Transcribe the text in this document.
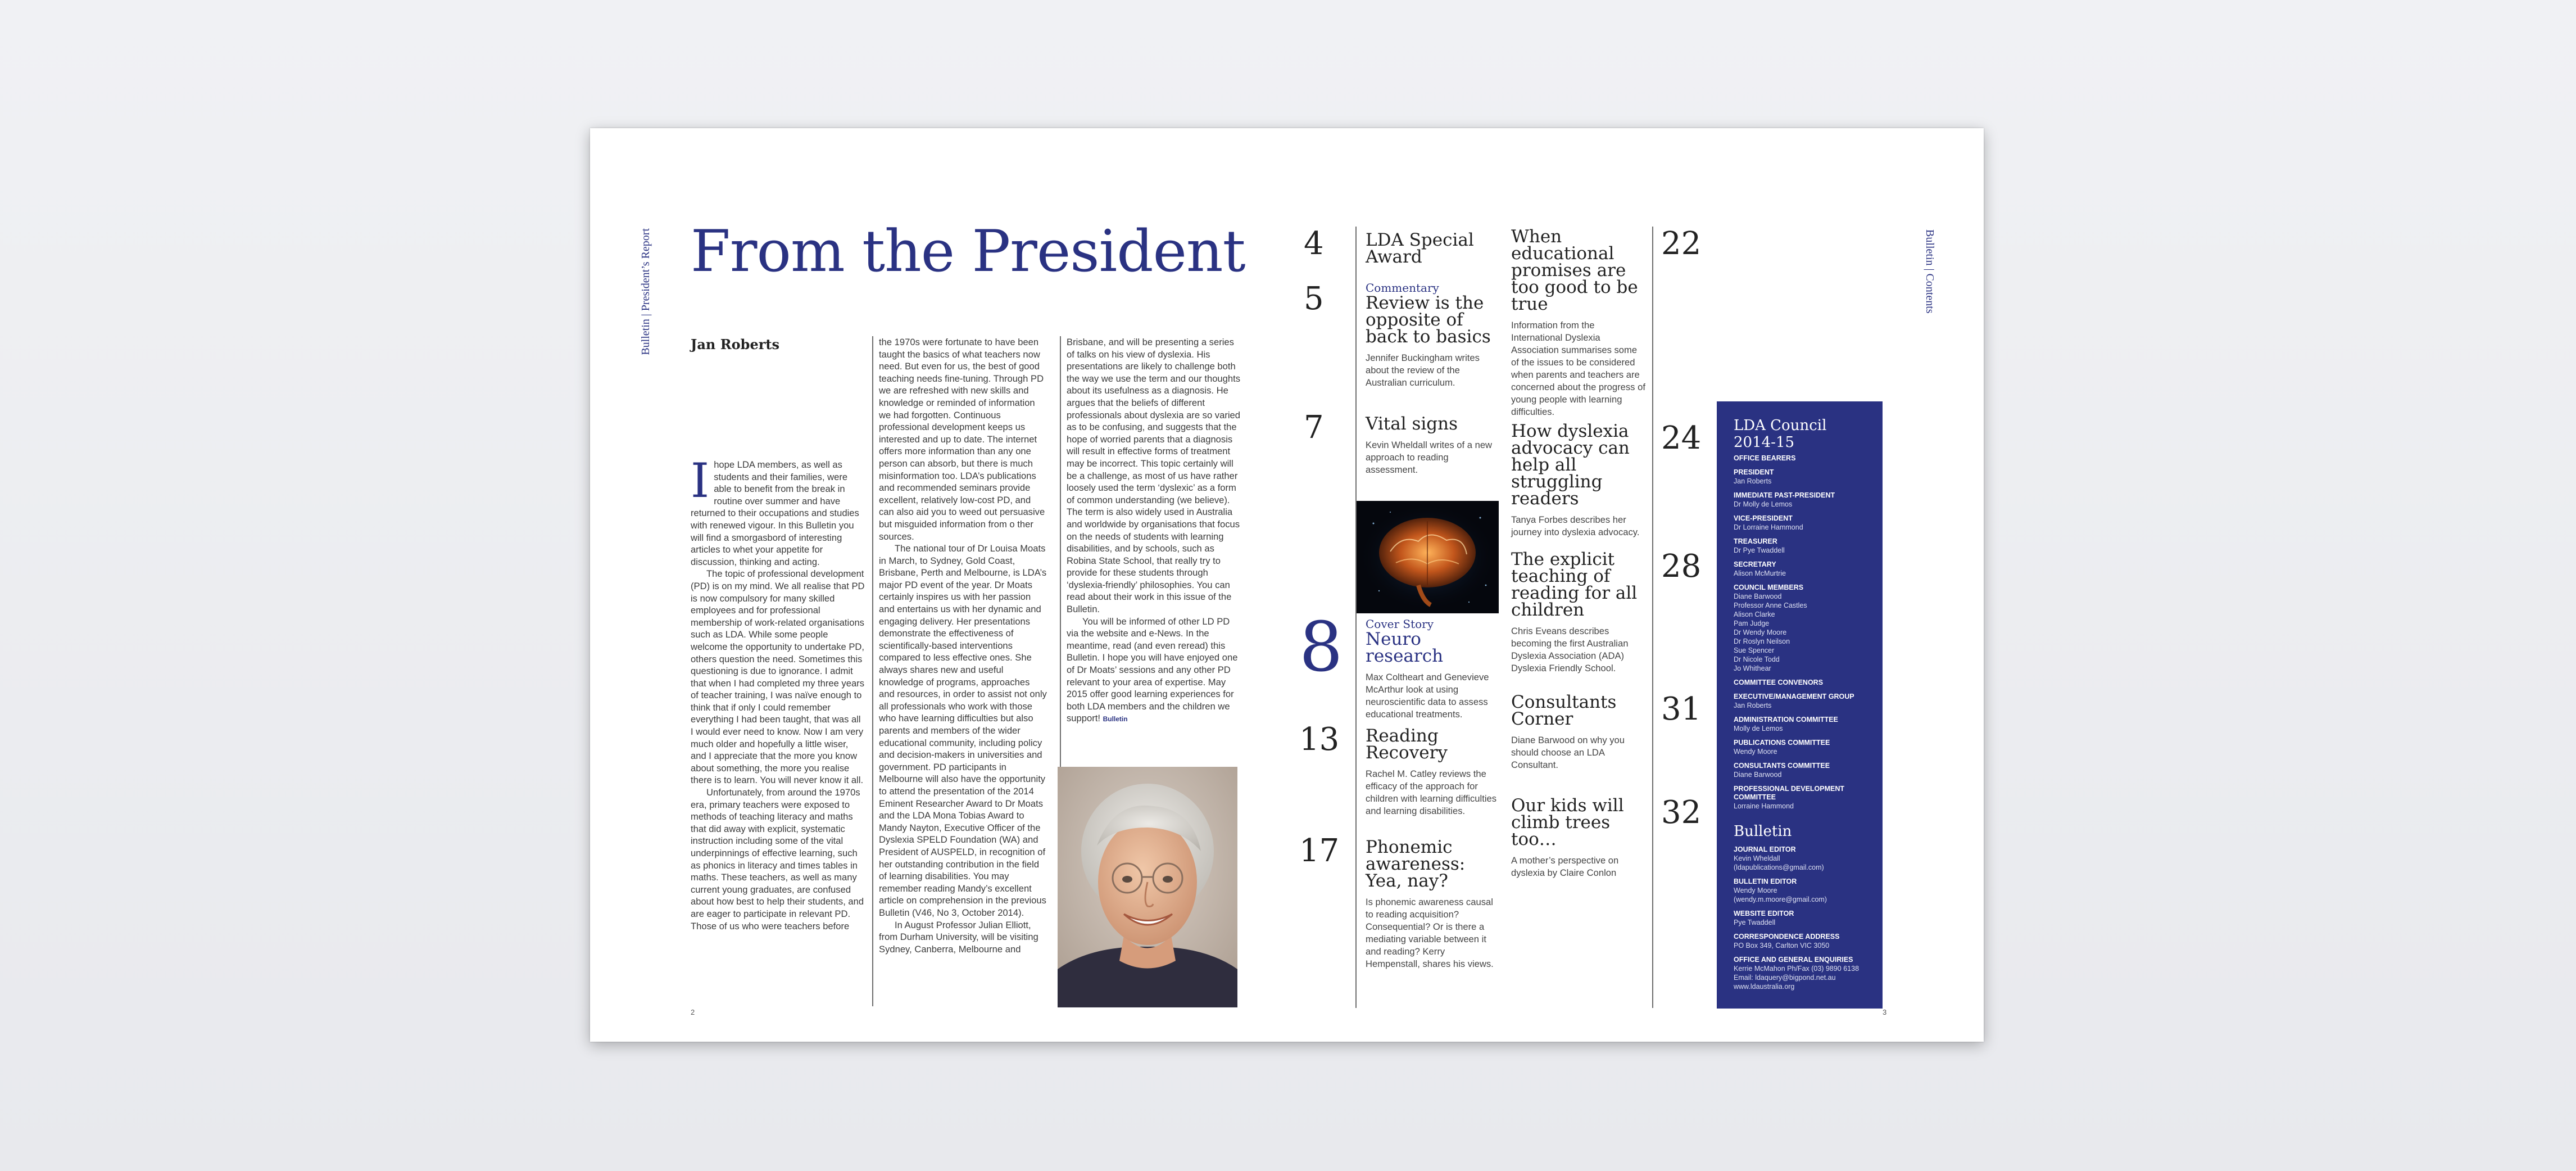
Bulletin | President’s Report From the President
Jan Roberts

Ihope LDA members, as well as students and their families, were able to benefit from the break in routine over summer and have returned to their occupations and studies with renewed vigour. In this Bulletin you will find a smorgasbord of interesting articles to whet your appetite for discussion, thinking and acting.

The topic of professional development (PD) is on my mind. We all realise that PD is now compulsory for many skilled employees and for professional membership of work-related organisations such as LDA. While some people welcome the opportunity to undertake PD, others question the need. Sometimes this questioning is due to ignorance. I admit that when I had completed my three years of teacher training, I was naïve enough to think that if only I could remember everything I had been taught, that was all I would ever need to know. Now I am very much older and hopefully a little wiser, and I appreciate that the more you know about something, the more you realise there is to learn. You will never know it all.

Unfortunately, from around the 1970s era, primary teachers were exposed to methods of teaching literacy and maths that did away with explicit, systematic instruction including some of the vital underpinnings of effective learning, such as phonics in literacy and times tables in maths. These teachers, as well as many current young graduates, are confused about how best to help their students, and are eager to participate in relevant PD. Those of us who were teachers before

the 1970s were fortunate to have been taught the basics of what teachers now need. But even for us, the best of good teaching needs fine-tuning. Through PD we are refreshed with new skills and knowledge or reminded of information we had forgotten. Continuous professional development keeps us interested and up to date. The internet offers more information than any one person can absorb, but there is much misinformation too. LDA’s publications and recommended seminars provide excellent, relatively low-cost PD, and can also aid you to weed out persuasive but misguided information from o ther sources.

The national tour of Dr Louisa Moats in March, to Sydney, Gold Coast, Brisbane, Perth and Melbourne, is LDA’s major PD event of the year. Dr Moats certainly inspires us with her passion and entertains us with her dynamic and engaging delivery. Her presentations demonstrate the effectiveness of scientifically-based interventions compared to less effective ones. She always shares new and useful knowledge of programs, approaches and resources, in order to assist not only all professionals who work with those who have learning difficulties but also parents and members of the wider educational community, including policy and decision-makers in universities and government. PD participants in Melbourne will also have the opportunity to attend the presentation of the 2014 Eminent Researcher Award to Dr Moats and the LDA Mona Tobias Award to Mandy Nayton, Executive Officer of the Dyslexia SPELD Foundation (WA) and President of AUSPELD, in recognition of her outstanding contribution in the field of learning disabilities. You may remember reading Mandy’s excellent article on comprehension in the previous Bulletin (V46, No 3, October 2014).

In August Professor Julian Elliott, from Durham University, will be visiting Sydney, Canberra, Melbourne and

Brisbane, and will be presenting a series of talks on his view of dyslexia. His presentations are likely to challenge both the way we use the term and our thoughts about its usefulness as a diagnosis. He argues that the beliefs of different professionals about dyslexia are so varied as to be confusing, and suggests that the hope of worried parents that a diagnosis will result in effective forms of treatment may be incorrect. This topic certainly will be a challenge, as most of us have rather loosely used the term ‘dyslexic’ as a form of common understanding (we believe). The term is also widely used in Australia and worldwide by organisations that focus on the needs of students with learning disabilities, and by schools, such as Robina State School, that really try to provide for these students through ‘dyslexia-friendly’ philosophies. You can read about their work in this issue of the Bulletin.

You will be informed of other LD PD via the website and e-News. In the meantime, read (and even reread) this Bulletin. I hope you will have enjoyed one of Dr Moats’ sessions and any other PD relevant to your area of expertise. May 2015 offer good learning experiences for both LDA members and the children we support! Bulletin

2
Bulletin | Contents
4 LDA Special Award

5	Commentary

Review is the opposite of back to basics

Jennifer Buckingham writes about the review of the Australian curriculum.
7 Vital signs

Kevin Wheldall writes of a new approach to reading assessment.
8 Cover Story

Neuro research

Max Coltheart and Genevieve McArthur look at using neuroscientific data to assess educational treatments.
13 Reading Recovery

Rachel M. Catley reviews the efficacy of the approach for children with learning difficulties and learning disabilities.
17 Phonemic awareness: Yea, nay?

Is phonemic awareness causal to reading acquisition? Consequential? Or is there a mediating variable between it and reading? Kerry Hempenstall, shares his views.

When educational promises are too good to be true

Information from the International Dyslexia Association summarises some of the issues to be considered when parents and teachers are concerned about the progress of young people with learning difficulties.

How dyslexia advocacy can help all struggling readers

Tanya Forbes describes her journey into dyslexia advocacy.

The explicit teaching of reading for all children

Chris Eveans describes becoming the first Australian Dyslexia Association (ADA) Dyslexia Friendly School.

Consultants Corner

Diane Barwood on why you should choose an LDA Consultant.

Our kids will climb trees too…

A mother’s perspective on dyslexia by Claire Conlon
22
24
28
31
32
LDA Council 2014-15
OFFICE BEARERS
PRESIDENT
Jan Roberts
IMMEDIATE PAST-PRESIDENT
Dr Molly de Lemos
VICE-PRESIDENT
Dr Lorraine Hammond
TREASURER
Dr Pye Twaddell
SECRETARY
Alison McMurtrie
COUNCIL MEMBERS
Diane Barwood
Professor Anne Castles
Alison Clarke
Pam Judge
Dr Wendy Moore
Dr Roslyn Neilson
Sue Spencer
Dr Nicole Todd
Jo Whithear
COMMITTEE CONVENORS
EXECUTIVE/MANAGEMENT GROUP
Jan Roberts
ADMINISTRATION COMMITTEE
Molly de Lemos
PUBLICATIONS COMMITTEE
Wendy Moore
CONSULTANTS COMMITTEE
Diane Barwood
PROFESSIONAL DEVELOPMENT COMMITTEE
Lorraine Hammond
Bulletin
JOURNAL EDITOR
Kevin Wheldall
(ldapublications@gmail.com)
BULLETIN EDITOR
Wendy Moore (wendy.m.moore@gmail.com)
WEBSITE EDITOR
Pye Twaddell
CORRESPONDENCE ADDRESS
PO Box 349, Carlton VIC 3050
OFFICE AND GENERAL ENQUIRIES
Kerrie McMahon Ph/Fax (03) 9890 6138
Email: ldaquery@bigpond.net.au
www.ldaustralia.org
3
